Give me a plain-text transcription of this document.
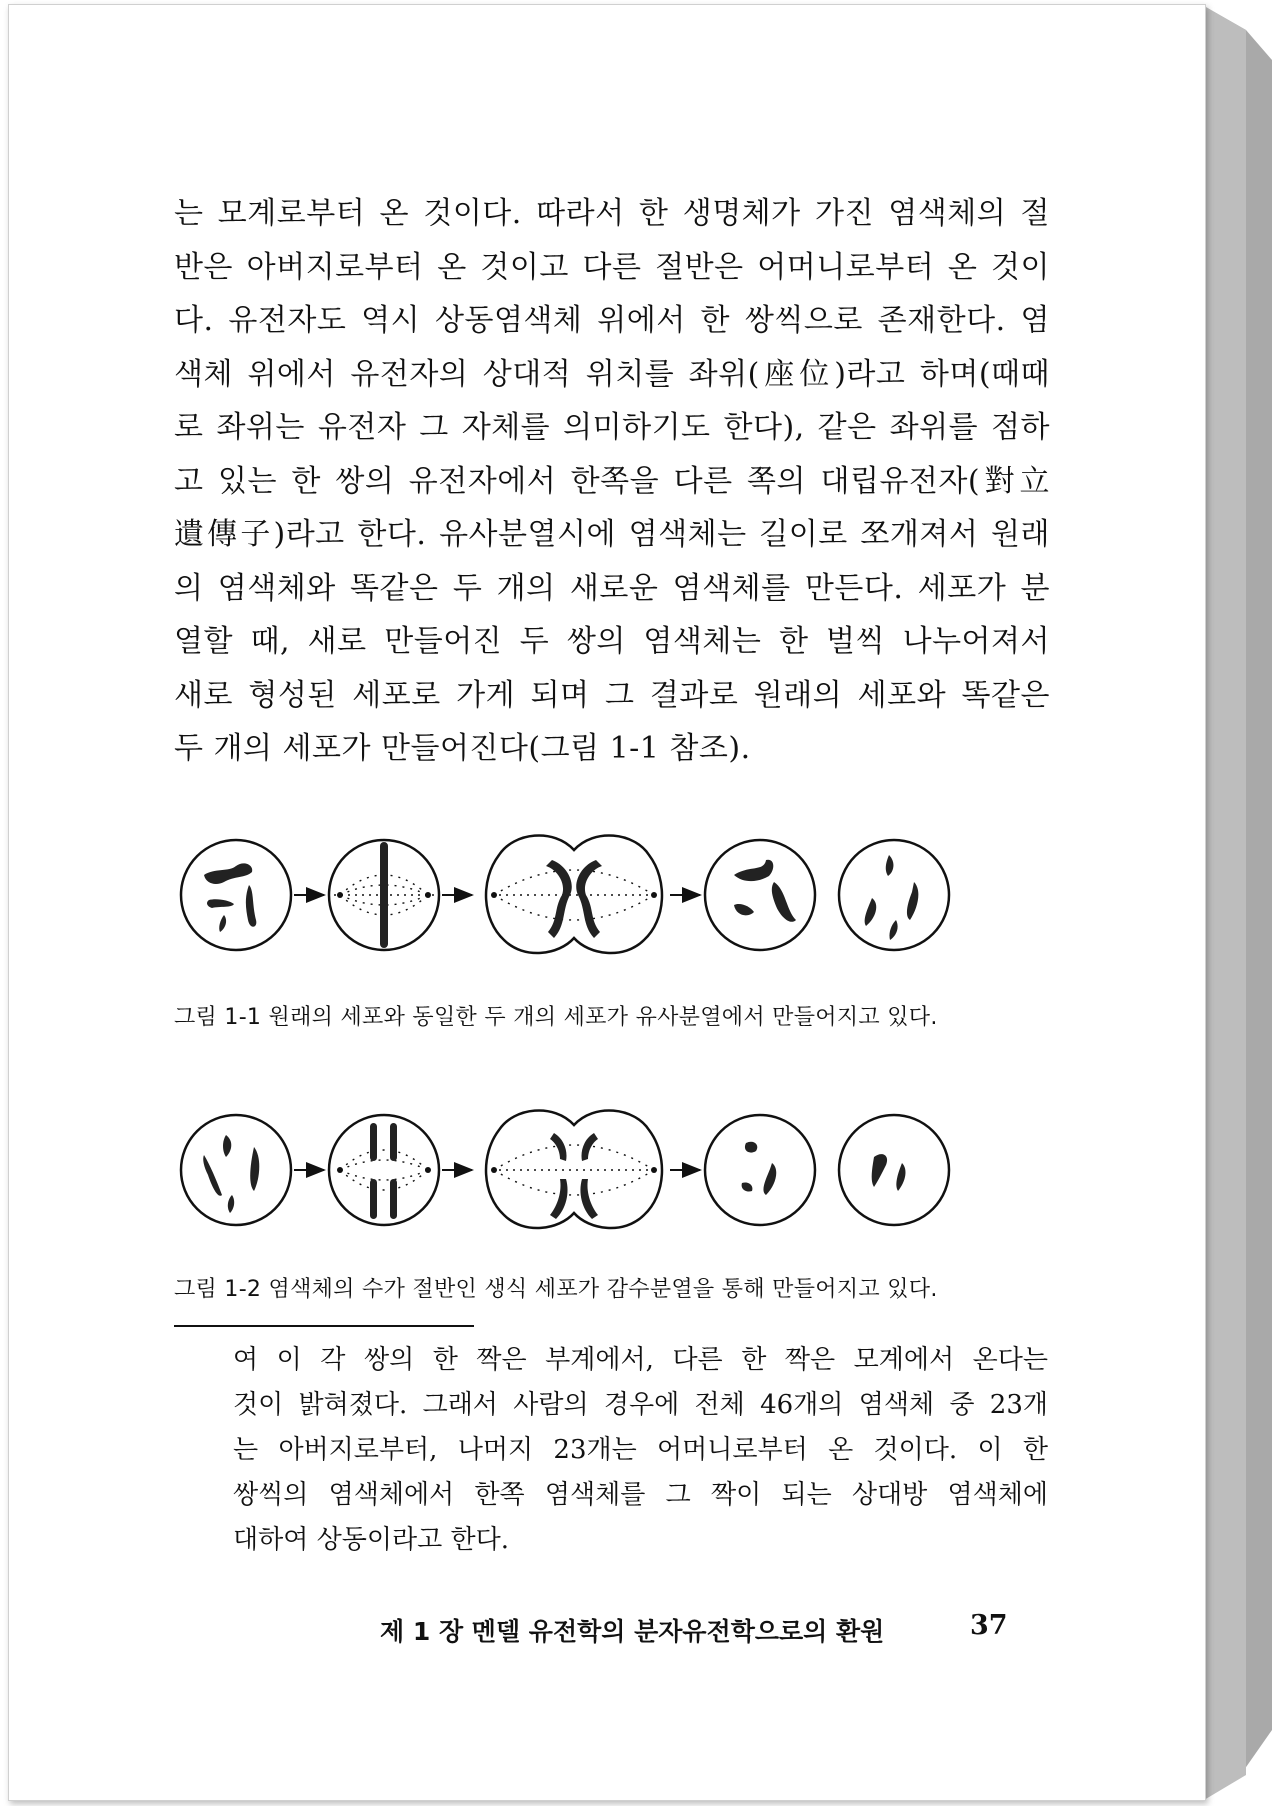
는 모계로부터 온 것이다. 따라서 한 생명체가 가진 염색체의 절
반은 아버지로부터 온 것이고 다른 절반은 어머니로부터 온 것이
다. 유전자도 역시 상동염색체 위에서 한 쌍씩으로 존재한다. 염
색체 위에서 유전자의 상대적 위치를 좌위(座位)라고 하며(때때
로 좌위는 유전자 그 자체를 의미하기도 한다), 같은 좌위를 점하
고 있는 한 쌍의 유전자에서 한쪽을 다른 쪽의 대립유전자(對立
遺傳子)라고 한다. 유사분열시에 염색체는 길이로 쪼개져서 원래
의 염색체와 똑같은 두 개의 새로운 염색체를 만든다. 세포가 분
열할 때, 새로 만들어진 두 쌍의 염색체는 한 벌씩 나누어져서
새로 형성된 세포로 가게 되며 그 결과로 원래의 세포와 똑같은
두 개의 세포가 만들어진다(그림 1-1 참조).
그림 1-1 원래의 세포와 동일한 두 개의 세포가 유사분열에서 만들어지고 있다.
그림 1-2 염색체의 수가 절반인 생식 세포가 감수분열을 통해 만들어지고 있다.
여 이 각 쌍의 한 짝은 부계에서, 다른 한 짝은 모계에서 온다는
것이 밝혀졌다. 그래서 사람의 경우에 전체 46개의 염색체 중 23개
는 아버지로부터, 나머지 23개는 어머니로부터 온 것이다. 이 한
쌍씩의 염색체에서 한쪽 염색체를 그 짝이 되는 상대방 염색체에
대하여 상동이라고 한다.
제 1 장 멘델 유전학의 분자유전학으로의 환원	37
